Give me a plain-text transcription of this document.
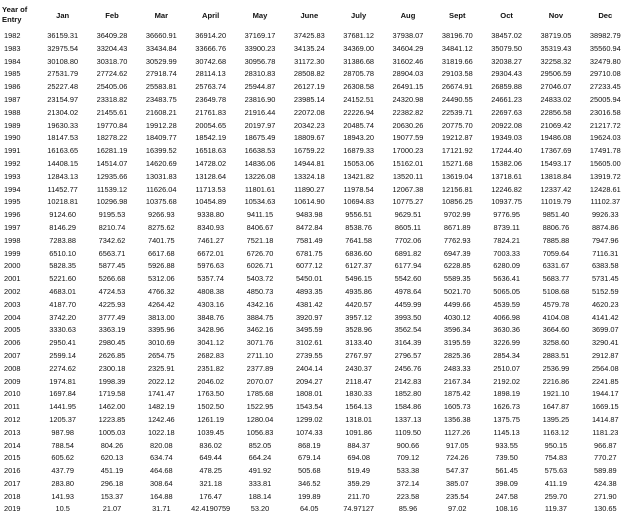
Year of
Entry	Jan	Feb	Mar	April	May	June	July	Aug	Sept	Oct	Nov	Dec
1982	36159.31	36409.28	36660.91	36914.20	37169.17	37425.83	37681.12	37938.07	38196.70	38457.02	38719.05	38982.79
1983	32975.54	33204.43	33434.84	33666.76	33900.23	34135.24	34369.00	34604.29	34841.12	35079.50	35319.43	35560.94
1984	30108.80	30318.70	30529.99	30742.68	30956.78	31172.30	31386.68	31602.46	31819.66	32038.27	32258.32	32479.80
1985	27531.79	27724.62	27918.74	28114.13	28310.83	28508.82	28705.78	28904.03	29103.58	29304.43	29506.59	29710.08
1986	25227.48	25405.06	25583.81	25763.74	25944.87	26127.19	26308.58	26491.15	26674.91	26859.88	27046.07	27233.45
1987	23154.97	23318.82	23483.75	23649.78	23816.90	23985.14	24152.51	24320.98	24490.55	24661.23	24833.02	25005.94
1988	21304.02	21455.61	21608.21	21761.83	21916.44	22072.08	22226.94	22382.82	22539.71	22697.63	22856.58	23016.58
1989	19630.33	19770.84	19912.28	20054.65	20197.97	20342.23	20485.74	20630.26	20775.70	20922.08	21069.42	21217.72
1990	18147.53	18278.22	18409.77	18542.19	18675.49	18809.67	18943.20	19077.59	19212.87	19349.03	19486.08	19624.03
1991	16163.65	16281.19	16399.52	16518.63	16638.53	16759.22	16879.33	17000.23	17121.92	17244.40	17367.69	17491.78
1992	14408.15	14514.07	14620.69	14728.02	14836.06	14944.81	15053.06	15162.01	15271.68	15382.06	15493.17	15605.00
1993	12843.13	12935.66	13031.83	13128.64	13226.08	13324.18	13421.82	13520.11	13619.04	13718.61	13818.84	13919.72
1994	11452.77	11539.12	11626.04	11713.53	11801.61	11890.27	11978.54	12067.38	12156.81	12246.82	12337.42	12428.61
1995	10218.81	10296.98	10375.68	10454.89	10534.63	10614.90	10694.83	10775.27	10856.25	10937.75	11019.79	11102.37
1996	9124.60	9195.53	9266.93	9338.80	9411.15	9483.98	9556.51	9629.51	9702.99	9776.95	9851.40	9926.33
1997	8146.29	8210.74	8275.62	8340.93	8406.67	8472.84	8538.76	8605.11	8671.89	8739.11	8806.76	8874.86
1998	7283.88	7342.62	7401.75	7461.27	7521.18	7581.49	7641.58	7702.06	7762.93	7824.21	7885.88	7947.96
1999	6510.10	6563.71	6617.68	6672.01	6726.70	6781.75	6836.60	6891.82	6947.39	7003.33	7059.64	7116.31
2000	5828.35	5877.45	5926.88	5976.63	6026.71	6077.12	6127.37	6177.94	6228.85	6280.09	6331.67	6383.58
2001	5221.60	5266.68	5312.06	5357.74	5403.72	5450.01	5496.15	5542.60	5589.35	5636.41	5683.77	5731.45
2002	4683.01	4724.53	4766.32	4808.38	4850.73	4893.35	4935.86	4978.64	5021.70	5065.05	5108.68	5152.59
2003	4187.70	4225.93	4264.42	4303.16	4342.16	4381.42	4420.57	4459.99	4499.66	4539.59	4579.78	4620.23
2004	3742.20	3777.49	3813.00	3848.76	3884.75	3920.97	3957.12	3993.50	4030.12	4066.98	4104.08	4141.42
2005	3330.63	3363.19	3395.96	3428.96	3462.16	3495.59	3528.96	3562.54	3596.34	3630.36	3664.60	3699.07
2006	2950.41	2980.45	3010.69	3041.12	3071.76	3102.61	3133.40	3164.39	3195.59	3226.99	3258.60	3290.41
2007	2599.14	2626.85	2654.75	2682.83	2711.10	2739.55	2767.97	2796.57	2825.36	2854.34	2883.51	2912.87
2008	2274.62	2300.18	2325.91	2351.82	2377.89	2404.14	2430.37	2456.76	2483.33	2510.07	2536.99	2564.08
2009	1974.81	1998.39	2022.12	2046.02	2070.07	2094.27	2118.47	2142.83	2167.34	2192.02	2216.86	2241.85
2010	1697.84	1719.58	1741.47	1763.50	1785.68	1808.01	1830.33	1852.80	1875.42	1898.19	1921.10	1944.17
2011	1441.95	1462.00	1482.19	1502.50	1522.95	1543.54	1564.13	1584.86	1605.73	1626.73	1647.87	1669.15
2012	1205.37	1223.85	1242.46	1261.19	1280.04	1299.02	1318.01	1337.13	1356.38	1375.75	1395.25	1414.87
2013	987.98	1005.03	1022.18	1039.45	1056.83	1074.33	1091.86	1109.50	1127.26	1145.13	1163.12	1181.23
2014	788.54	804.26	820.08	836.02	852.05	868.19	884.37	900.66	917.05	933.55	950.15	966.87
2015	605.62	620.13	634.74	649.44	664.24	679.14	694.08	709.12	724.26	739.50	754.83	770.27
2016	437.79	451.19	464.68	478.25	491.92	505.68	519.49	533.38	547.37	561.45	575.63	589.89
2017	283.80	296.18	308.64	321.18	333.81	346.52	359.29	372.14	385.07	398.09	411.19	424.38
2018	141.93	153.37	164.88	176.47	188.14	199.89	211.70	223.58	235.54	247.58	259.70	271.90
2019	10.5	21.07	31.71	42.4190759	53.20	64.05	74.97127	85.96	97.02	108.16	119.37	130.65
